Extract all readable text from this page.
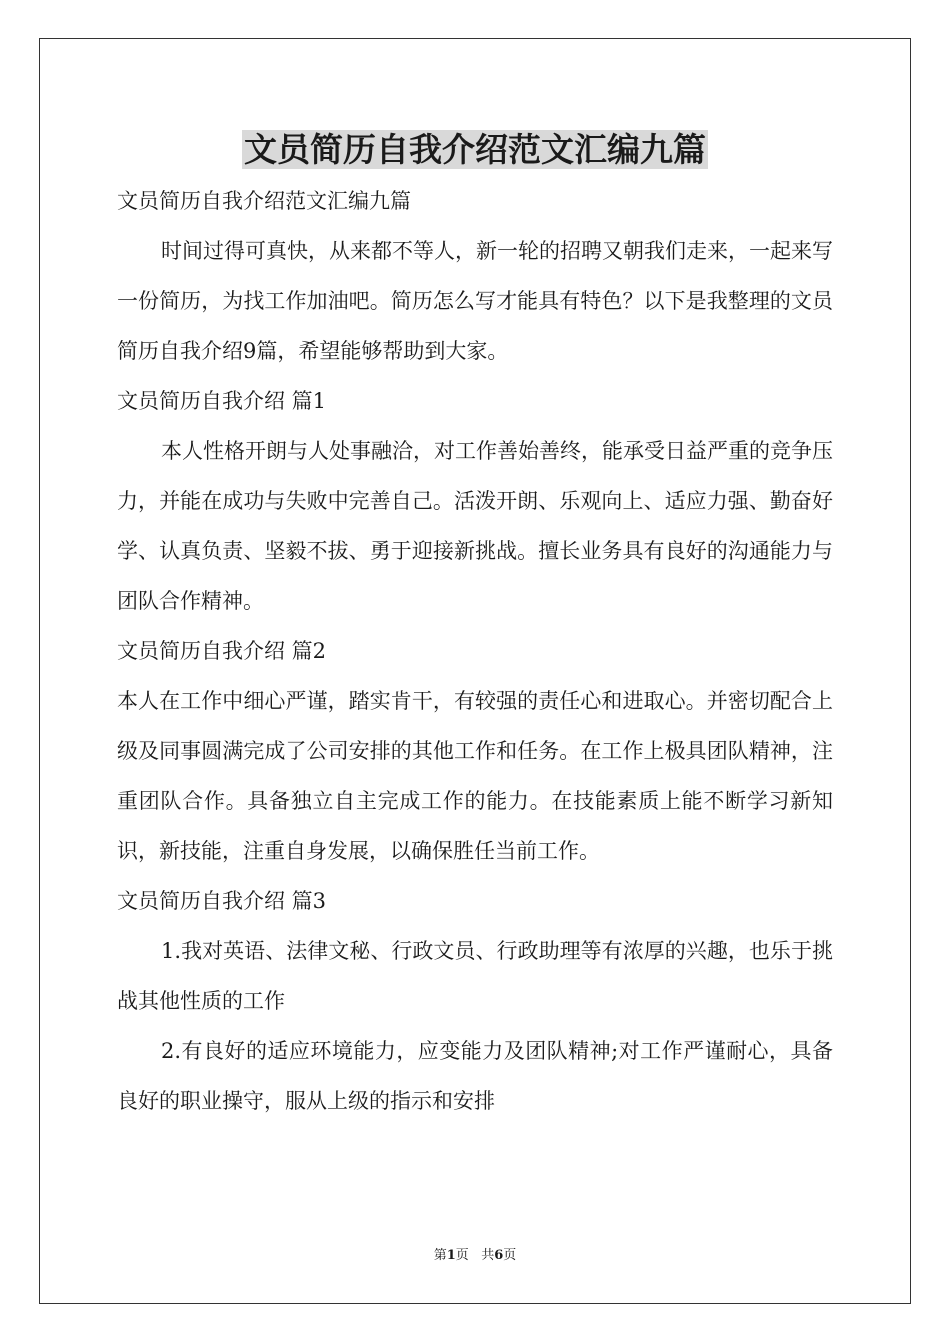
文员简历自我介绍范文汇编九篇

文员简历自我介绍范文汇编九篇

时间过得可真快，从来都不等人，新一轮的招聘又朝我们走来，一起来写一份简历，为找工作加油吧。简历怎么写才能具有特色？以下是我整理的文员简历自我介绍9篇，希望能够帮助到大家。

文员简历自我介绍 篇1

本人性格开朗与人处事融洽，对工作善始善终，能承受日益严重的竞争压力，并能在成功与失败中完善自己。活泼开朗、乐观向上、适应力强、勤奋好学、认真负责、坚毅不拔、勇于迎接新挑战。擅长业务具有良好的沟通能力与团队合作精神。

文员简历自我介绍 篇2

本人在工作中细心严谨，踏实肯干，有较强的责任心和进取心。并密切配合上级及同事圆满完成了公司安排的其他工作和任务。在工作上极具团队精神，注重团队合作。具备独立自主完成工作的能力。在技能素质上能不断学习新知识，新技能，注重自身发展，以确保胜任当前工作。

文员简历自我介绍 篇3

1.我对英语、法律文秘、行政文员、行政助理等有浓厚的兴趣，也乐于挑战其他性质的工作

2.有良好的适应环境能力，应变能力及团队精神;对工作严谨耐心，具备良好的职业操守，服从上级的指示和安排

第1页 共6页
